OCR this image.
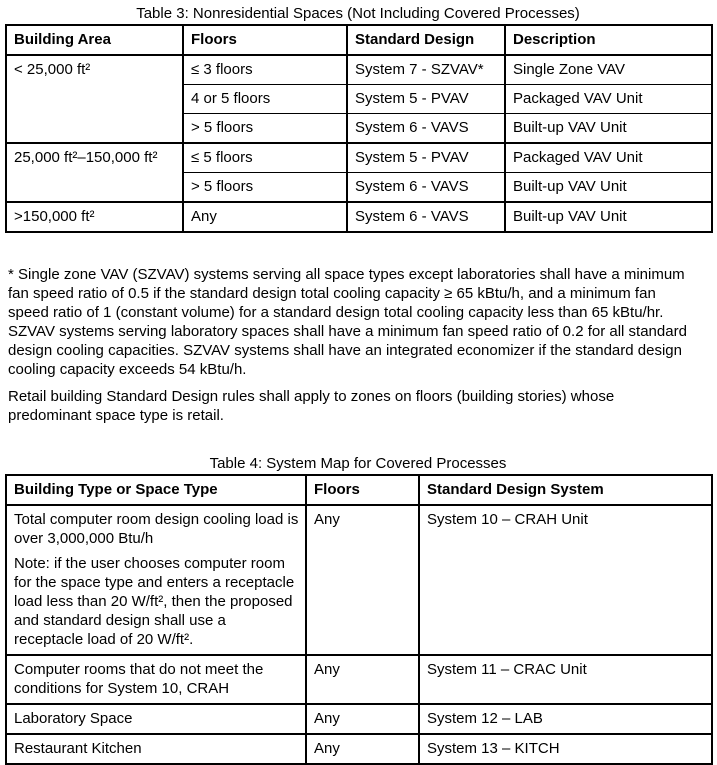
Table 3: Nonresidential Spaces (Not Including Covered Processes)
Building Area	Floors	Standard Design	Description
< 25,000 ft²	≤ 3 floors	System 7 - SZVAV*	Single Zone VAV
	4 or 5 floors	System 5 - PVAV	Packaged VAV Unit
	> 5 floors	System 6 - VAVS	Built-up VAV Unit
25,000 ft²–150,000 ft²	≤ 5 floors	System 5 - PVAV	Packaged VAV Unit
	> 5 floors	System 6 - VAVS	Built-up VAV Unit
>150,000 ft²	Any	System 6 - VAVS	Built-up VAV Unit

* Single zone VAV (SZVAV) systems serving all space types except laboratories shall have a minimum fan speed ratio of 0.5 if the standard design total cooling capacity ≥ 65 kBtu/h, and a minimum fan speed ratio of 1 (constant volume) for a standard design total cooling capacity less than 65 kBtu/hr. SZVAV systems serving laboratory spaces shall have a minimum fan speed ratio of 0.2 for all standard design cooling capacities. SZVAV systems shall have an integrated economizer if the standard design cooling capacity exceeds 54 kBtu/h.

Retail building Standard Design rules shall apply to zones on floors (building stories) whose predominant space type is retail.

Table 4: System Map for Covered Processes
Building Type or Space Type	Floors	Standard Design System

Total computer room design cooling load is over 3,000,000 Btu/h

Note: if the user chooses computer room for the space type and enters a receptacle load less than 20 W/ft², then the proposed and standard design shall use a receptacle load of 20 W/ft².	Any	System 10 – CRAH Unit
Computer rooms that do not meet the conditions for System 10, CRAH	Any	System 11 – CRAC Unit
Laboratory Space	Any	System 12 – LAB
Restaurant Kitchen	Any	System 13 – KITCH
